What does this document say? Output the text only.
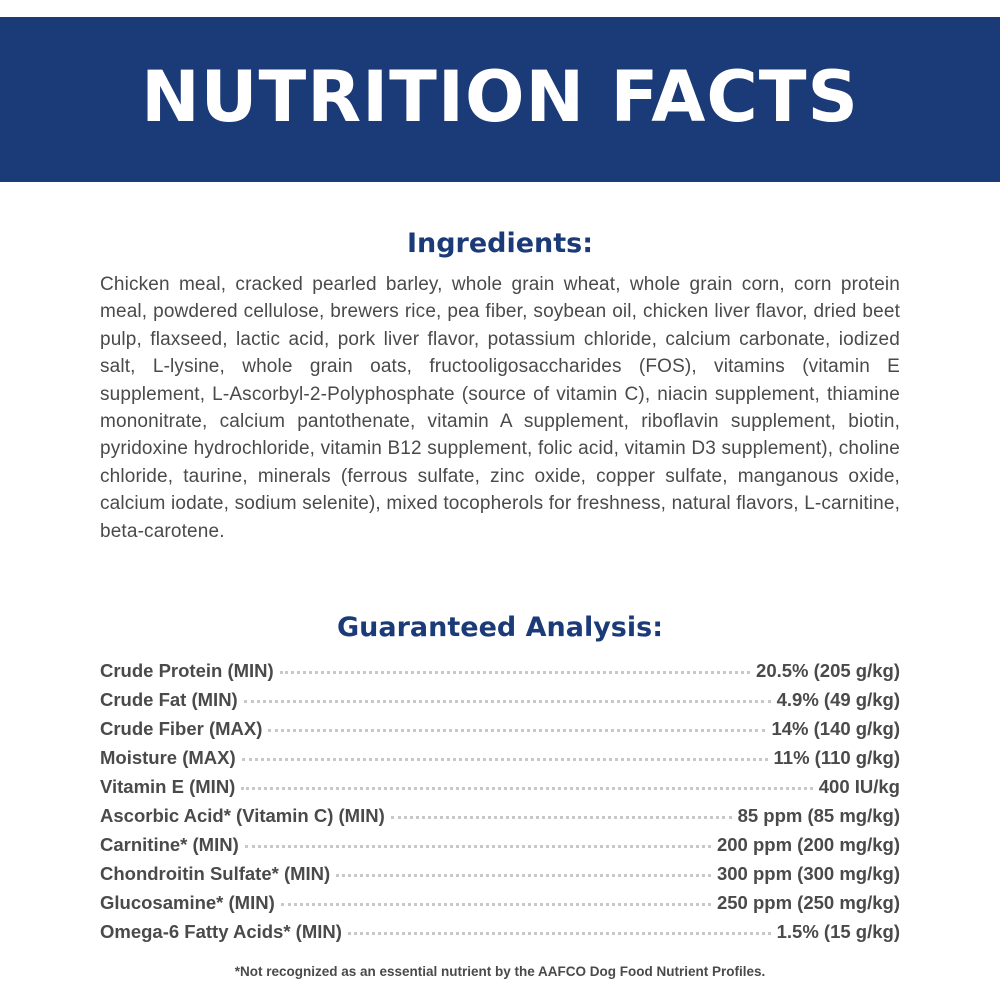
NUTRITION FACTS
Ingredients:
Chicken meal, cracked pearled barley, whole grain wheat, whole grain corn, corn protein meal, powdered cellulose, brewers rice, pea fiber, soybean oil, chicken liver flavor, dried beet pulp, flaxseed, lactic acid, pork liver flavor, potassium chloride, calcium carbonate, iodized salt, L-lysine, whole grain oats, fructooligosaccharides (FOS), vitamins (vitamin E supplement, L-Ascorbyl-2-Polyphosphate (source of vitamin C), niacin supplement, thiamine mononitrate, calcium pantothenate, vitamin A supplement, riboflavin supplement, biotin, pyridoxine hydrochloride, vitamin B12 supplement, folic acid, vitamin D3 supplement), choline chloride, taurine, minerals (ferrous sulfate, zinc oxide, copper sulfate, manganous oxide, calcium iodate, sodium selenite), mixed tocopherols for freshness, natural flavors, L-carnitine, beta-carotene.
Guaranteed Analysis:
Crude Protein (MIN)	20.5% (205 g/kg)
Crude Fat (MIN)	4.9% (49 g/kg)
Crude Fiber (MAX)	14% (140 g/kg)
Moisture (MAX)	11% (110 g/kg)
Vitamin E (MIN)	400 IU/kg
Ascorbic Acid* (Vitamin C) (MIN)	85 ppm (85 mg/kg)
Carnitine* (MIN)	200 ppm (200 mg/kg)
Chondroitin Sulfate* (MIN)	300 ppm (300 mg/kg)
Glucosamine* (MIN)	250 ppm (250 mg/kg)
Omega-6 Fatty Acids* (MIN)	1.5% (15 g/kg)
*Not recognized as an essential nutrient by the AAFCO Dog Food Nutrient Profiles.
